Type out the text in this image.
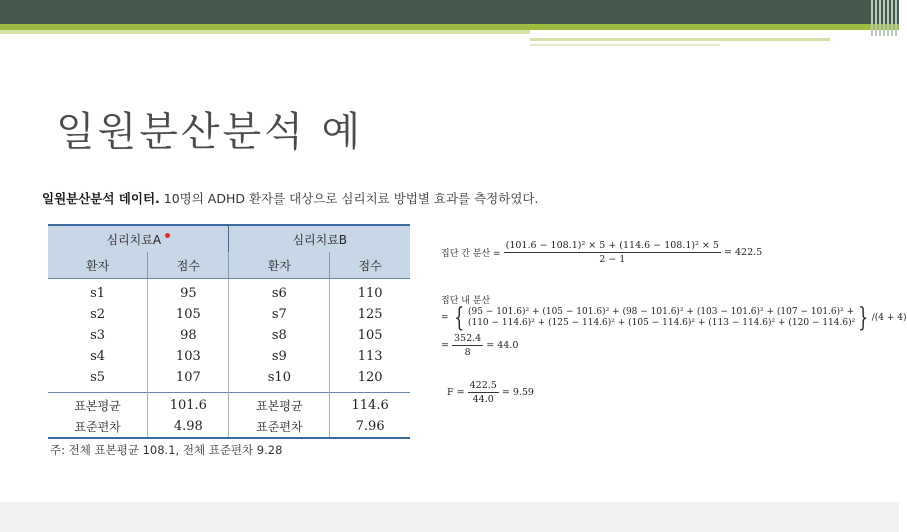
일원분산분석 예
일원분산분석 데이터. 10명의 ADHD 환자를 대상으로 심리치료 방법별 효과를 측정하였다.
심리치료A		심리치료B	
환자	점수	환자	점수
s1	95	s6	110
s2	105	s7	125
s3	98	s8	105
s4	103	s9	113
s5	107	s10	120
표본평균	101.6	표본평균	114.6
표준편차	4.98	표준편차	7.96
주: 전체 표본평균 108.1, 전체 표준편차 9.28
집단 간 분산 = $\frac{\text{(101.6 − 108.1)² × 5 + (114.6 − 108.1)² × 5}}{2 - 1} = 422.5$
집단 내 분산
= { (95 − 101.6)² + (105 − 101.6)² + (98 − 101.6)² + (103 − 101.6)² + (107 − 101.6)² +
(110 − 114.6)² + (125 − 114.6)² + (105 − 114.6)² + (113 − 114.6)² + (120 − 114.6)² } /(4 + 4)
= $\frac{352.4}{8} = 44.0$
$F = \frac{422.5}{44.0} = 9.59$
